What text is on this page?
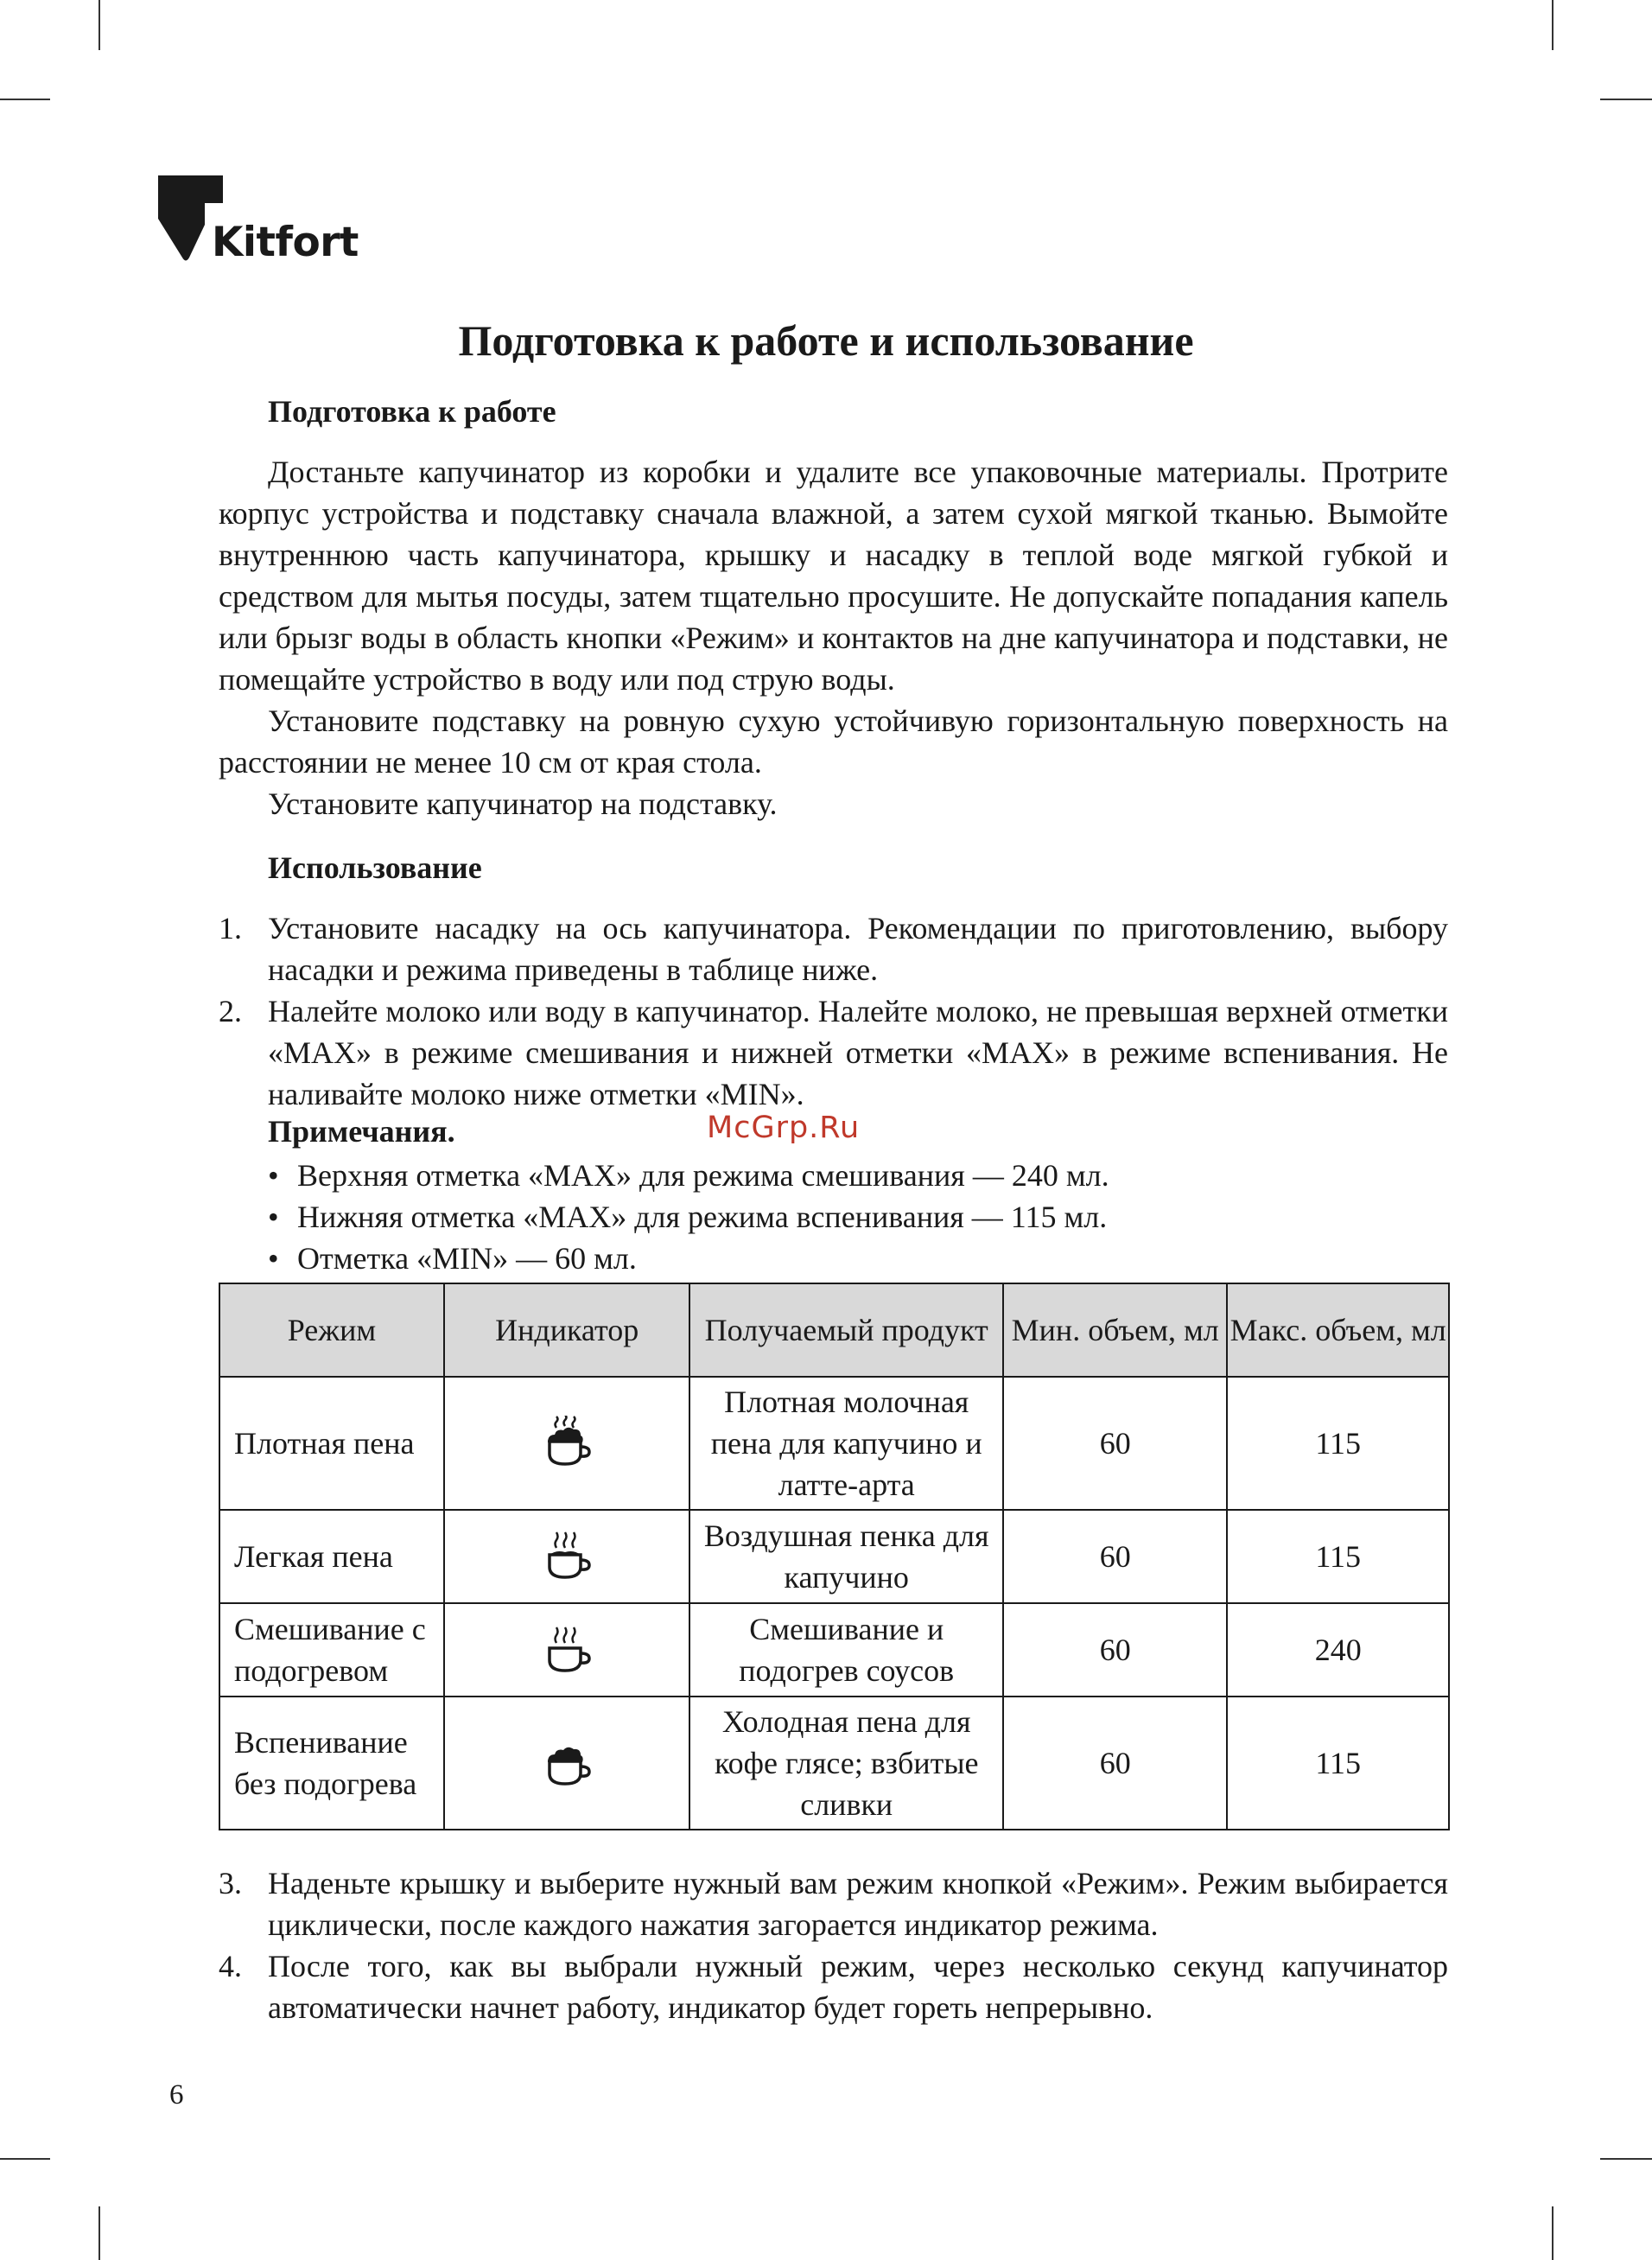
Kitfort
Подготовка к работе и использование
Подготовка к работе

Достаньте капучинатор из коробки и удалите все упаковочные материалы. Протрите корпус устройства и подставку сначала влажной, а затем сухой мягкой тканью. Вымойте внутреннюю часть капучинатора, крышку и насадку в теплой воде мягкой губкой и средством для мытья посуды, затем тщательно просушите. Не допускайте попадания капель или брызг воды в область кнопки «Режим» и контактов на дне капучинатора и подставки, не помещайте устройство в воду или под струю воды.

Установите подставку на ровную сухую устойчивую горизонтальную поверхность на расстоянии не менее 10 см от края стола.

Установите капучинатор на подставку.

Использование
1. Установите насадку на ось капучинатора. Рекомендации по приготовлению, выбору насадки и режима приведены в таблице ниже.
2. Налейте молоко или воду в капучинатор. Налейте молоко, не превышая верхней отметки «MAX» в режиме смешивания и нижней отметки «MAX» в режиме вспенивания. Не наливайте молоко ниже отметки «MIN».
Примечания.	McGrp.Ru
• Верхняя отметка «MAX» для режима смешивания — 240 мл.
• Нижняя отметка «MAX» для режима вспенивания — 115 мл.
• Отметка «MIN» — 60 мл.
Режим	Индикатор	Получаемый продукт	Мин. объем, мл	Макс. объем, мл
Плотная пена		Плотная молочная пена для капучино и латте-арта	60	115
Легкая пена		Воздушная пенка для капучино	60	115
Смешивание с подогревом		Смешивание и подогрев соусов	60	240
Вспенивание без подогрева		Холодная пена для кофе глясе; взбитые сливки	60	115
3. Наденьте крышку и выберите нужный вам режим кнопкой «Режим». Режим выбирается циклически, после каждого нажатия загорается индикатор режима.
4. После того, как вы выбрали нужный режим, через несколько секунд капучинатор автоматически начнет работу, индикатор будет гореть непрерывно.
6
